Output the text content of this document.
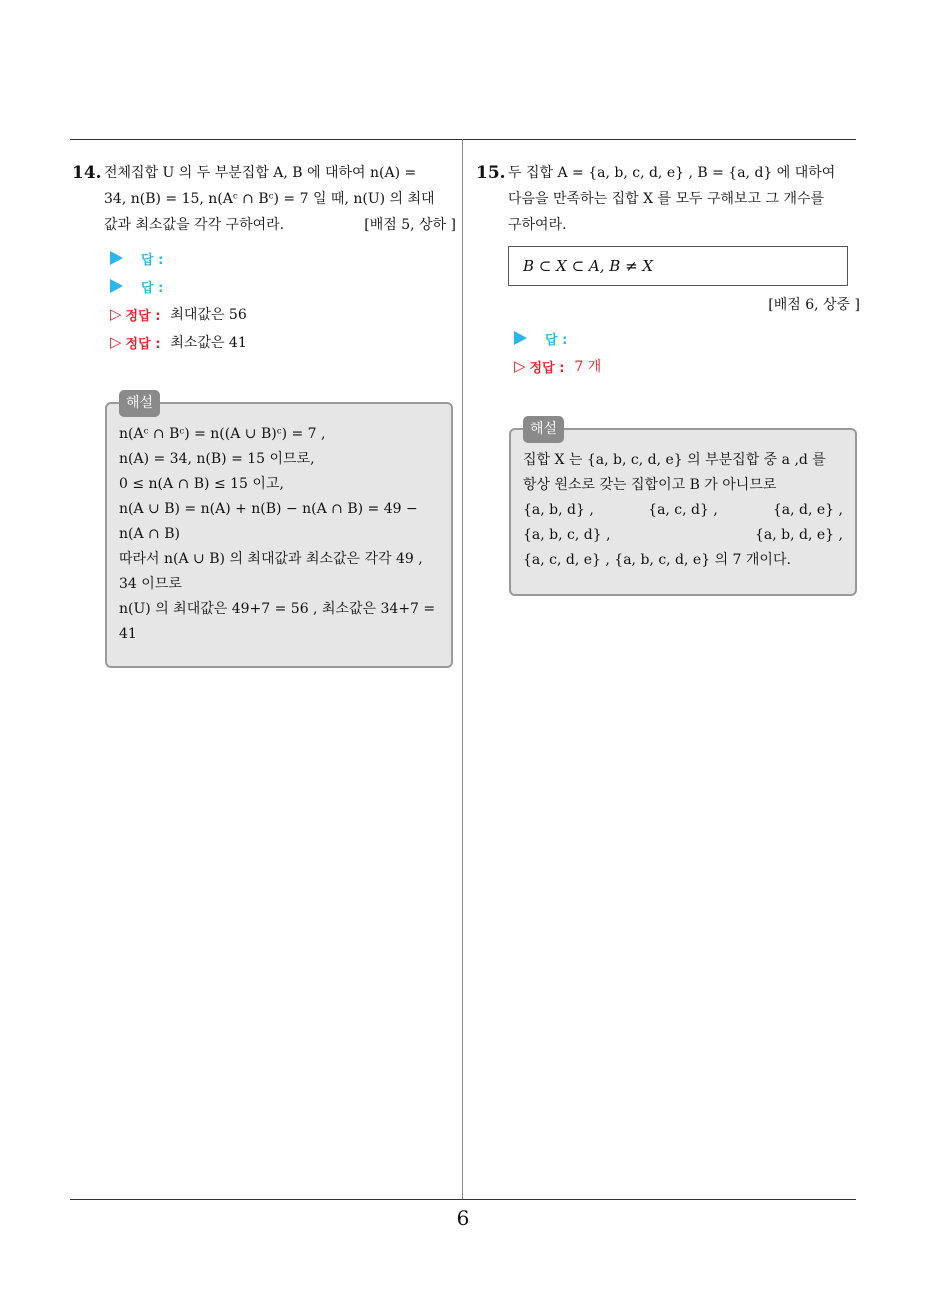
14. 전체집합 U 의 두 부분집합 A, B 에 대하여 n(A) =
34, n(B) = 15, n(Aᶜ ∩ Bᶜ) = 7 일 때, n(U) 의 최대
값과 최소값을 각각 구하여라.	[배점 5, 상하 ]
답 :
답 :
▷ 정답 : 최대값은 56
▷ 정답 : 최소값은 41
해설

n(Aᶜ ∩ Bᶜ) = n((A ∪ B)ᶜ) = 7 ,

n(A) = 34, n(B) = 15 이므로,

0 ≤ n(A ∩ B) ≤ 15 이고,

n(A ∪ B) = n(A) + n(B) − n(A ∩ B) = 49 −

n(A ∩ B)

따라서 n(A ∪ B) 의 최대값과 최소값은 각각 49 ,

34 이므로

n(U) 의 최대값은 49+7 = 56 , 최소값은 34+7 =

41

15. 두 집합 A = {a, b, c, d, e} , B = {a, d} 에 대하여
다음을 만족하는 집합 X 를 모두 구해보고 그 개수를
구하여라.
B ⊂ X ⊂ A, B ≠ X
[배점 6, 상중 ]
답 :
▷ 정답 : 7 개
해설

집합 X 는 {a, b, c, d, e} 의 부분집합 중 a ,d 를

항상 원소로 갖는 집합이고 B 가 아니므로

{a, b, d} ,	{a, c, d} ,	{a, d, e} ,
{a, b, c, d} ,	{a, b, d, e} ,

{a, c, d, e} , {a, b, c, d, e} 의 7 개이다.

6
